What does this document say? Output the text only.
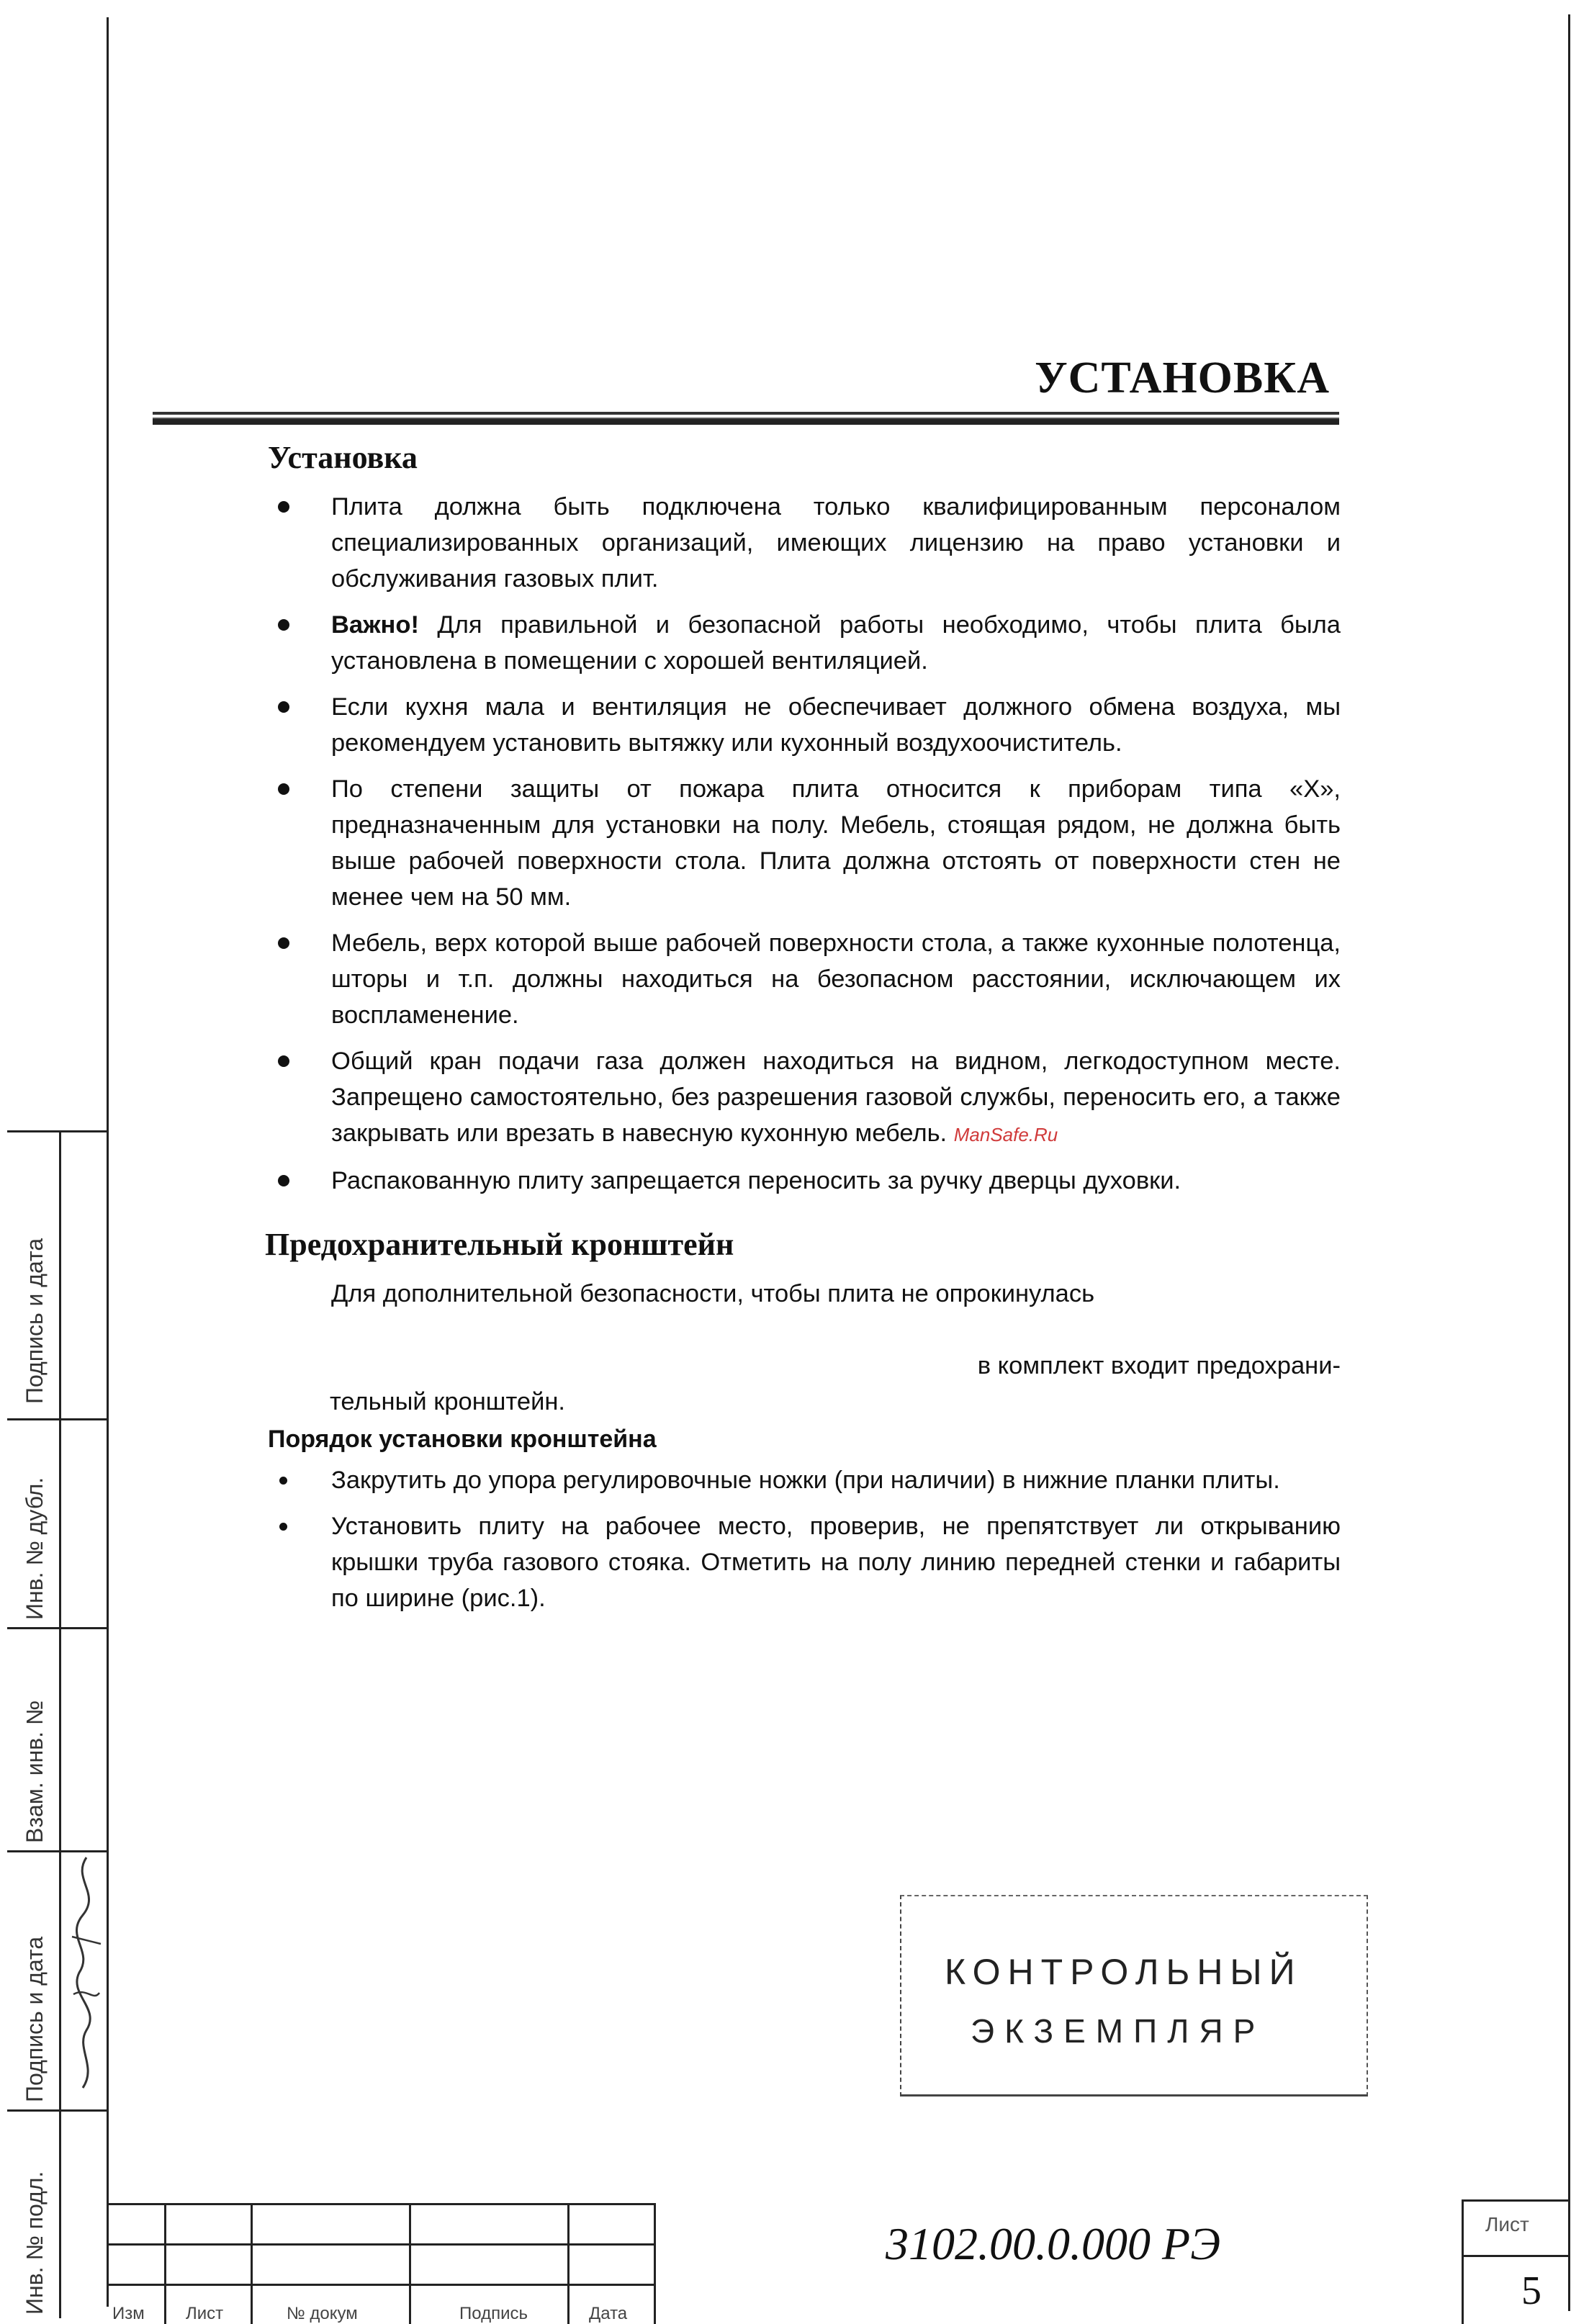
УСТАНОВКА
Установка
Плита должна быть подключена только квалифицированным персоналом специализированных организаций, имеющих лицензию на право установки и обслуживания газовых плит.
Важно! Для правильной и безопасной работы необходимо, чтобы плита была установлена в помещении с хорошей вентиляцией.
Если кухня мала и вентиляция не обеспечивает должного обмена воздуха, мы рекомендуем установить вытяжку или кухонный воздухоочиститель.
По степени защиты от пожара плита относится к приборам типа «Х», предназначенным для установки на полу. Мебель, стоящая рядом, не должна быть выше рабочей поверхности стола. Плита должна отстоять от поверхности стен не менее чем на 50 мм.
Мебель, верх которой выше рабочей поверхности стола, а также кухонные полотенца, шторы и т.п. должны находиться на безопасном расстоянии, исключающем их воспламенение.
Общий кран подачи газа должен находиться на видном, легкодоступном месте. Запрещено самостоятельно, без разрешения газовой службы, переносить его, а также закрывать или врезать в навесную кухонную мебель. ManSafe.Ru
Распакованную плиту запрещается переносить за ручку дверцы духовки.
Предохранительный кронштейн
Для дополнительной безопасности, чтобы плита не опрокинулась
в комплект входит предохрани-
тельный кронштейн.
Порядок установки кронштейна
Закрутить до упора регулировочные ножки (при наличии) в нижние планки плиты.
Установить плиту на рабочее место, проверив, не препятствует ли открыванию крышки труба газового стояка. Отметить на полу линию передней стенки и габариты по ширине (рис.1).
КОНТРОЛЬНЫЙ
ЭКЗЕМПЛЯР
Подпись и дата
Инв. № дубл.
Взам. инв. №
Подпись и дата
Инв. № подл.	Изм Лист	№ докум	Подпись	Дата
3102.00.0.000 РЭ	Лист
5
